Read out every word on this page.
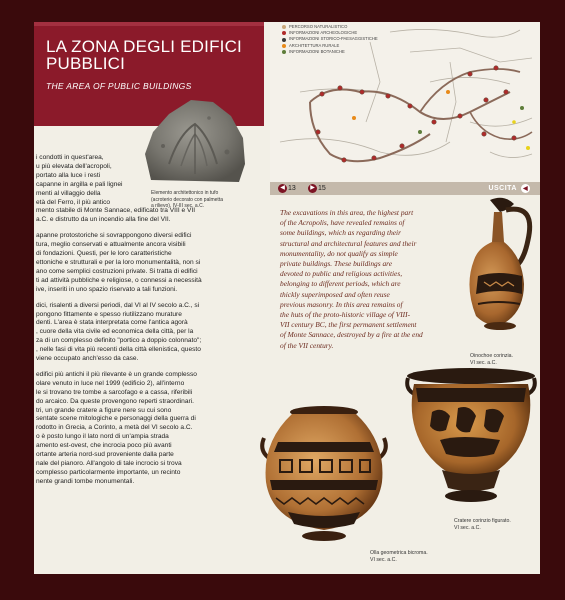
LA ZONA DEGLI EDIFICI
PUBBLICI
THE AREA OF PUBLIC BUILDINGS
Elemento architettonico in tufo
(acroterio decorato con palmetta
a rilievo). IV-III sec. a.C.

i condotti in quest'area,
u più elevata dell'acropoli,
portato alla luce i resti
capanne in argilla e pali lignei
menti al villaggio della
età del Ferro, il più antico
mento stabile di Monte Sannace, edificato tra VIII e VII
a.C. e distrutto da un incendio alla fine del VII.

apanne protostoriche si sovrappongono diversi edifici
tura, meglio conservati e attualmente ancora visibili
di fondazioni. Questi, per le loro caratteristiche
ettoniche e strutturali e per la loro monumentalità, non si
ano come semplici costruzioni private. Si tratta di edifici
ti ad attività pubbliche e religiose, o connessi a necessità
ive, inseriti in uno spazio riservato a tali funzioni.

dici, risalenti a diversi periodi, dal VI al IV secolo a.C., si
pongono fittamente e spesso riutilizzano murature
denti. L'area è stata interpretata come l'antica agorà
, cuore della vita civile ed economica della città, per la
za di un complesso definito "portico a doppio colonnato";
, nelle fasi di vita più recenti della città ellenistica, questo
viene occupato anch'esso da case.

edifici più antichi il più rilevante è un grande complesso
olare venuto in luce nel 1999 (edificio 2), all'interno
le si trovano tre tombe a sarcofago e a cassa, riferibili
do arcaico. Da queste provengono reperti straordinari.
tri, un grande cratere a figure nere su cui sono
sentate scene mitologiche e personaggi della guerra di
rodotto in Grecia, a Corinto, a metà del VI secolo a.C.
o è posto lungo il lato nord di un'ampia strada
amento est-ovest, che incrocia poco più avanti
ortante arteria nord-sud proveniente dalla parte
nale del pianoro. All'angolo di tale incrocio si trova
complesso particolarmente importante, un recinto
nente grandi tombe monumentali.

PERCORSO NATURALISTICO
INFORMAZIONI ARCHEOLOGICHE
INFORMAZIONI STORICO-PAESAGGISTICHE
ARCHITETTURA RURALE
INFORMAZIONI BOTANICHE
◀ 13	▶ 15	USCITA ◀
The excavations in this area, the highest part
of the Acropolis, have revealed remains of
some buildings, which as regarding their
structural and architectural features and their
monumentality, do not qualify as simple
private buildings. These buildings are
devoted to public and religious activities,
belonging to different periods, which are
thickly superimposed and often reuse
previous masonry. In this area remains of
the huts of the proto-historic village of VIII-
VII century BC, the first permanent settlement
of Monte Sannace, destroyed by a fire at the end
of the VII century.
Oinochoe corinzia.
VI sec. a.C.
Cratere corinzio figurato.
VI sec. a.C.
Olla geometrica bicroma.
VI sec. a.C.
